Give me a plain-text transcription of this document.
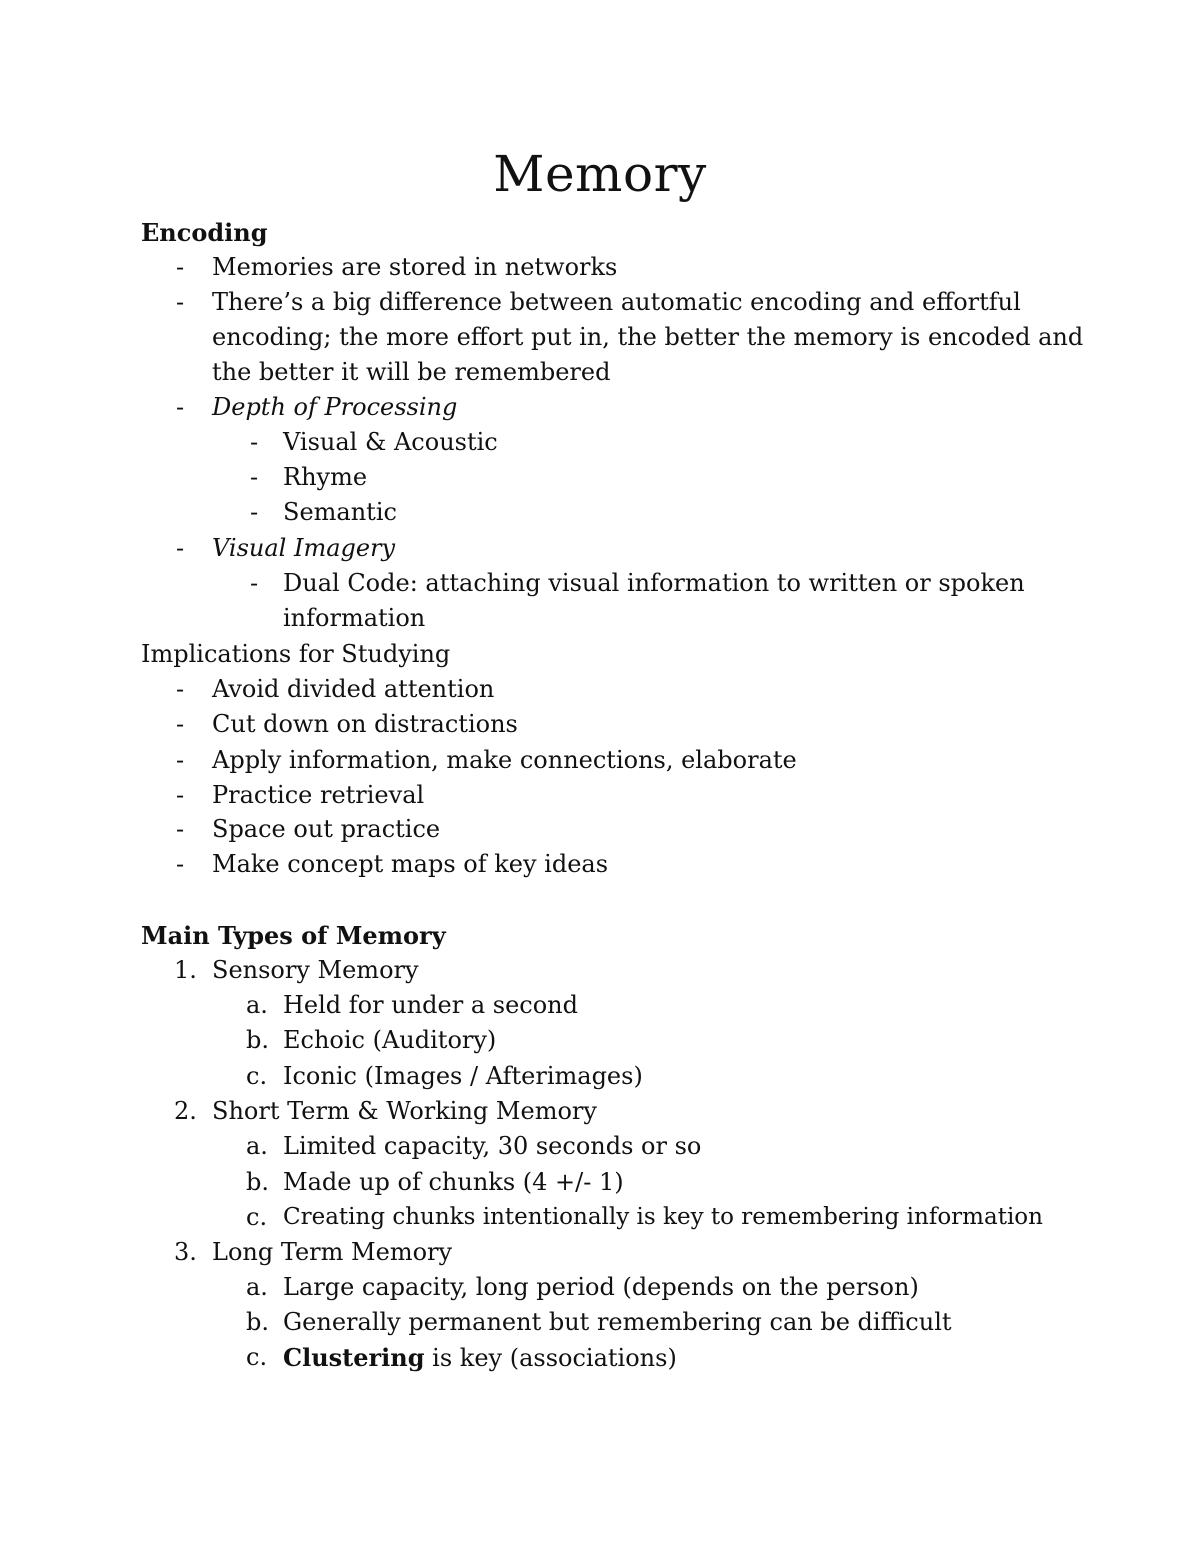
Memory
Encoding
- Memories are stored in networks
- There’s a big difference between automatic encoding and effortful
encoding; the more effort put in, the better the memory is encoded and
the better it will be remembered
- Depth of Processing
- Visual & Acoustic
- Rhyme
- Semantic
- Visual Imagery
- Dual Code: attaching visual information to written or spoken
information
Implications for Studying
- Avoid divided attention
- Cut down on distractions
- Apply information, make connections, elaborate
- Practice retrieval
- Space out practice
- Make concept maps of key ideas
Main Types of Memory
1. Sensory Memory
a. Held for under a second
b. Echoic (Auditory)
c. Iconic (Images / Afterimages)
2. Short Term & Working Memory
a. Limited capacity, 30 seconds or so
b. Made up of chunks (4 +/- 1)
c. Creating chunks intentionally is key to remembering information
3. Long Term Memory
a. Large capacity, long period (depends on the person)
b. Generally permanent but remembering can be difficult
c. Clustering is key (associations)
